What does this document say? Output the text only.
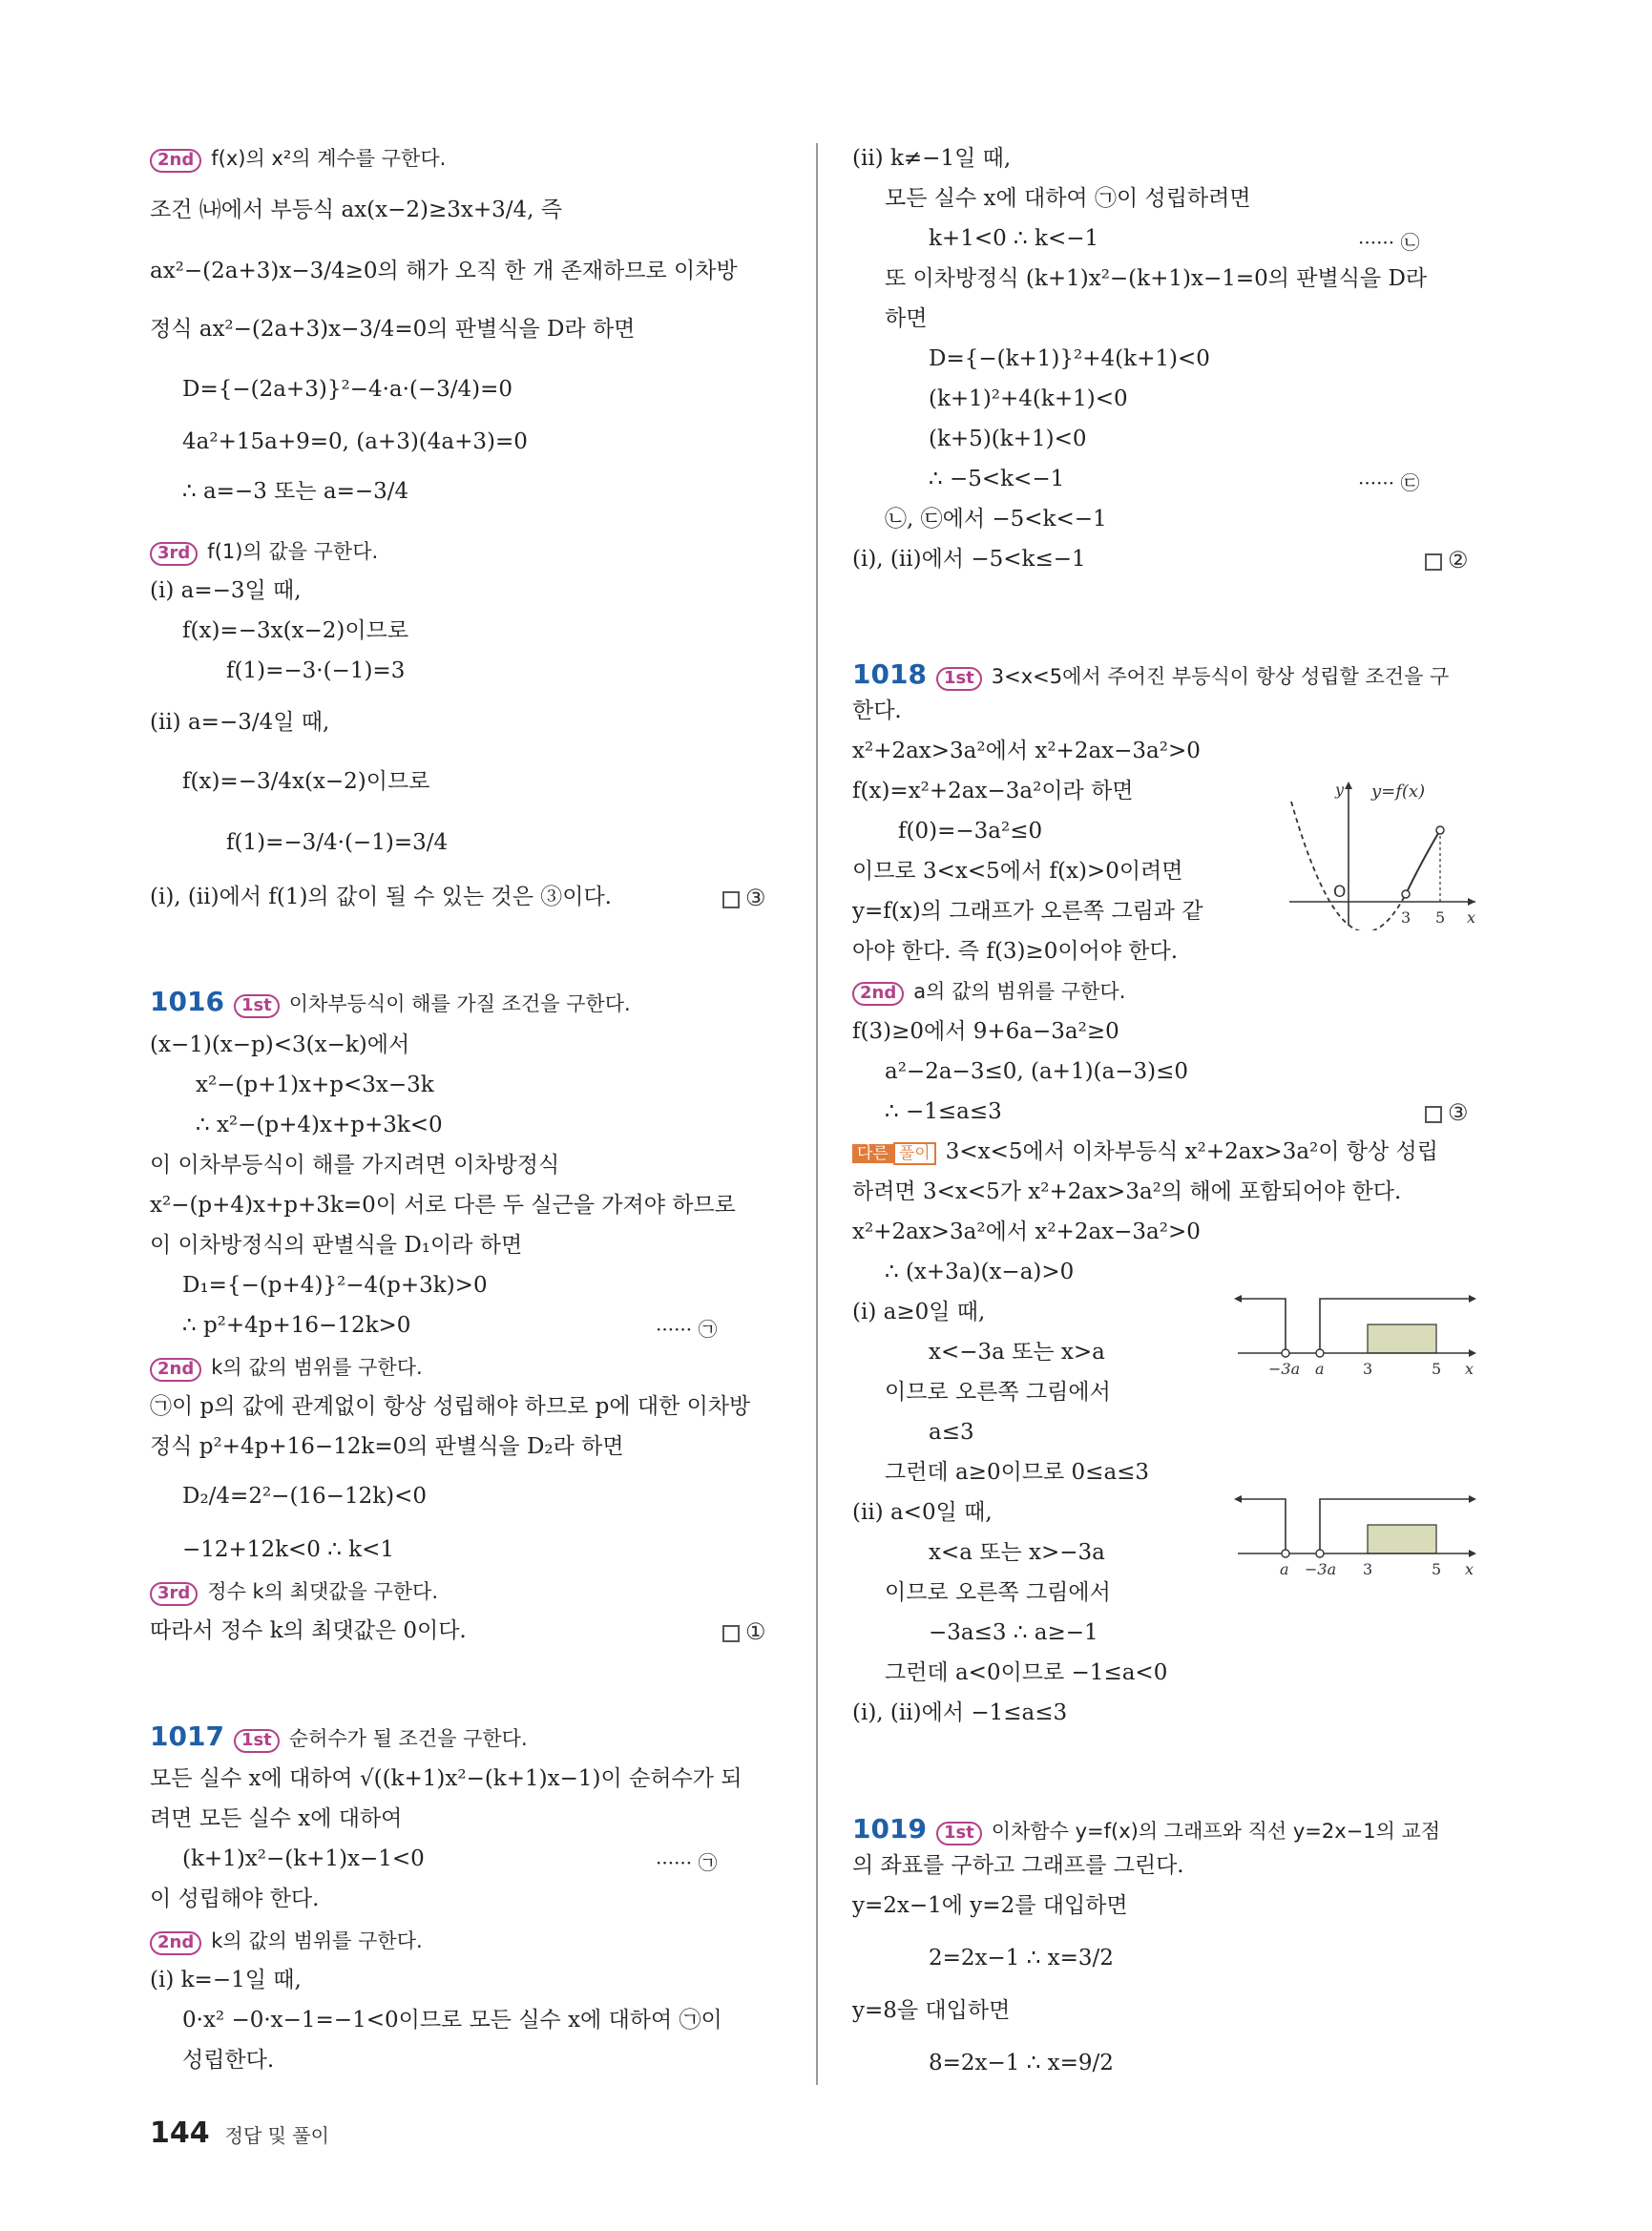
2nd f(x)의 x²의 계수를 구한다.
조건 ㈏에서 부등식 ax(x−2)≥3x+3/4, 즉
ax²−(2a+3)x−3/4≥0의 해가 오직 한 개 존재하므로 이차방
정식 ax²−(2a+3)x−3/4=0의 판별식을 D라 하면
D={−(2a+3)}²−4·a·(−3/4)=0
4a²+15a+9=0, (a+3)(4a+3)=0
∴ a=−3 또는 a=−3/4
3rd f(1)의 값을 구한다.
(i) a=−3일 때,
f(x)=−3x(x−2)이므로
f(1)=−3·(−1)=3
(ii) a=−3/4일 때,
f(x)=−3/4x(x−2)이므로
f(1)=−3/4·(−1)=3/4
(i), (ii)에서 f(1)의 값이 될 수 있는 것은 ③이다.	③
1016 1st 이차부등식이 해를 가질 조건을 구한다.
(x−1)(x−p)<3(x−k)에서
x²−(p+1)x+p<3x−3k
∴ x²−(p+4)x+p+3k<0
이 이차부등식이 해를 가지려면 이차방정식
x²−(p+4)x+p+3k=0이 서로 다른 두 실근을 가져야 하므로
이 이차방정식의 판별식을 D₁이라 하면
D₁={−(p+4)}²−4(p+3k)>0
∴ p²+4p+16−12k>0	······ ㉠
2nd k의 값의 범위를 구한다.
㉠이 p의 값에 관계없이 항상 성립해야 하므로 p에 대한 이차방
정식 p²+4p+16−12k=0의 판별식을 D₂라 하면
D₂/4=2²−(16−12k)<0
−12+12k<0 ∴ k<1
3rd 정수 k의 최댓값을 구한다.
따라서 정수 k의 최댓값은 0이다.	①
1017 1st 순허수가 될 조건을 구한다.
모든 실수 x에 대하여 √((k+1)x²−(k+1)x−1)이 순허수가 되
려면 모든 실수 x에 대하여
(k+1)x²−(k+1)x−1<0	······ ㉠
이 성립해야 한다.
2nd k의 값의 범위를 구한다.
(i) k=−1일 때,
0·x² −0·x−1=−1<0이므로 모든 실수 x에 대하여 ㉠이
성립한다.
(ii) k≠−1일 때,
모든 실수 x에 대하여 ㉠이 성립하려면
k+1<0 ∴ k<−1	······ ㉡
또 이차방정식 (k+1)x²−(k+1)x−1=0의 판별식을 D라
하면
D={−(k+1)}²+4(k+1)<0
(k+1)²+4(k+1)<0
(k+5)(k+1)<0
∴ −5<k<−1	······ ㉢
㉡, ㉢에서 −5<k<−1
(i), (ii)에서 −5<k≤−1	②
1018 1st 3<x<5에서 주어진 부등식이 항상 성립할 조건을 구
한다.
x²+2ax>3a²에서 x²+2ax−3a²>0
f(x)=x²+2ax−3a²이라 하면
f(0)=−3a²≤0
이므로 3<x<5에서 f(x)>0이려면
y=f(x)의 그래프가 오른쪽 그림과 같
아야 한다. 즉 f(3)≥0이어야 한다.
y=f(x)
y
x
O
3 5
2nd a의 값의 범위를 구한다.
f(3)≥0에서 9+6a−3a²≥0
a²−2a−3≤0, (a+1)(a−3)≤0
∴ −1≤a≤3	③
다른 풀이 3<x<5에서 이차부등식 x²+2ax>3a²이 항상 성립
하려면 3<x<5가 x²+2ax>3a²의 해에 포함되어야 한다.
x²+2ax>3a²에서 x²+2ax−3a²>0
∴ (x+3a)(x−a)>0
(i) a≥0일 때,
x<−3a 또는 x>a
이므로 오른쪽 그림에서
a≤3
그런데 a≥0이므로 0≤a≤3
−3a a	3	5 x
(ii) a<0일 때,
x<a 또는 x>−3a
이므로 오른쪽 그림에서
−3a≤3 ∴ a≥−1
그런데 a<0이므로 −1≤a<0
(i), (ii)에서 −1≤a≤3
a −3a 3	5 x
1019 1st 이차함수 y=f(x)의 그래프와 직선 y=2x−1의 교점
의 좌표를 구하고 그래프를 그린다.
y=2x−1에 y=2를 대입하면
2=2x−1 ∴ x=3/2
y=8을 대입하면
8=2x−1 ∴ x=9/2
144 정답 및 풀이
